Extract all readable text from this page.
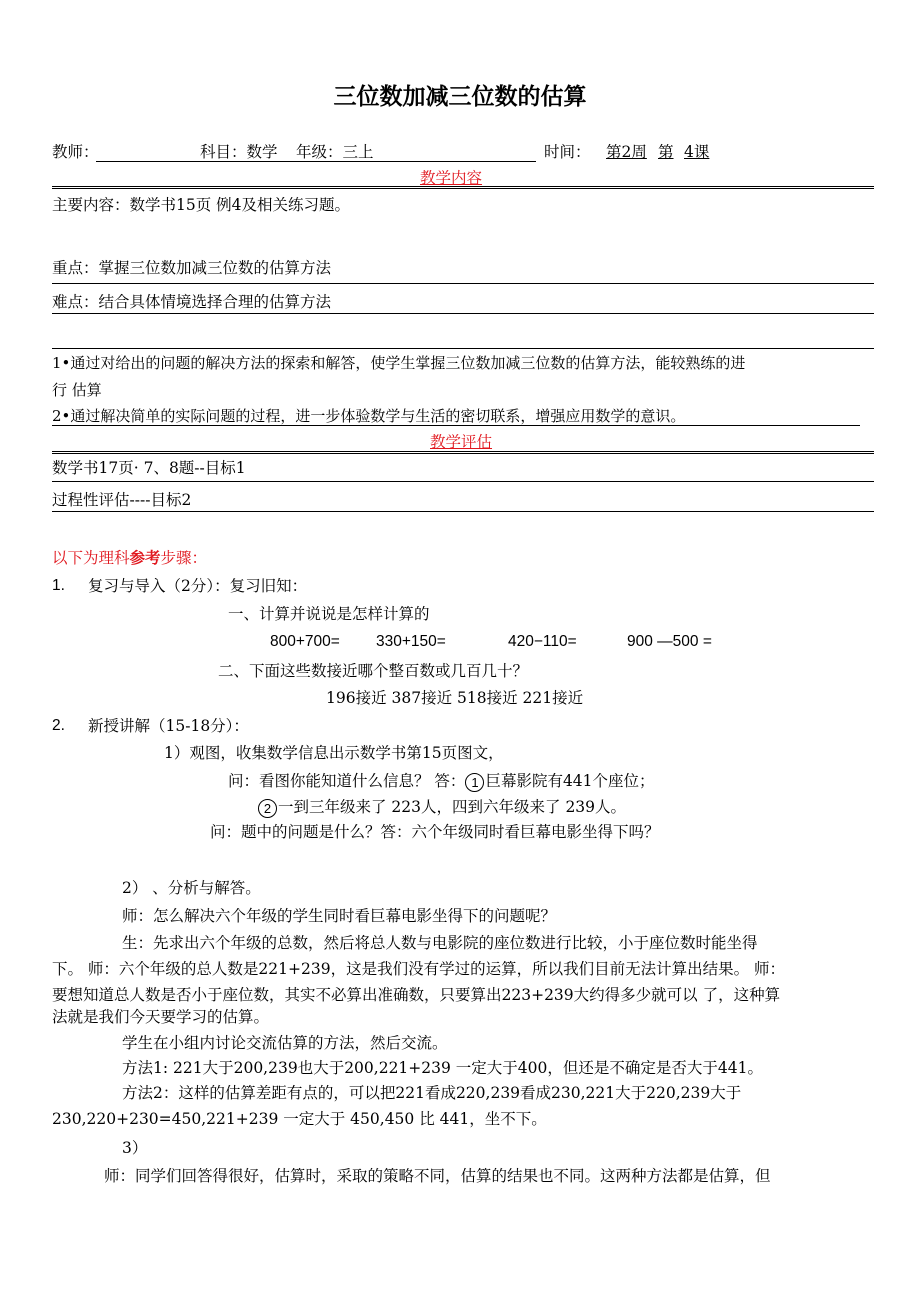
三位数加减三位数的估算
教师：	科目：数学 年级：三上	时间： 第2周 第 4课
教学内容
主要内容：数学书15页 例4及相关练习题。
重点：掌握三位数加减三位数的估算方法
难点：结合具体情境选择合理的估算方法
1•通过对给出的问题的解决方法的探索和解答，使学生掌握三位数加减三位数的估算方法，能较熟练的进
行 估算
2•通过解决简单的实际问题的过程，进一步体验数学与生活的密切联系，增强应用数学的意识。
教学评估
数学书17页· 7、8题--目标1
过程性评估----目标2
以下为理科参考步骤：
1. 复习与导入（2分）：复习旧知：
一、计算并说说是怎样计算的
800+700= 330+150=	420−110=	900 —500 =
二、下面这些数接近哪个整百数或几百几十？
196接近 387接近 518接近 221接近
2. 新授讲解（15-18分）：
1）观图，收集数学信息出示数学书第15页图文，
问：看图你能知道什么信息？ 答： 1 巨幕影院有441个座位；
2 一到三年级来了 223人，四到六年级来了 239人。
问：题中的问题是什么？答：六个年级同时看巨幕电影坐得下吗？
2） 、分析与解答。
师：怎么解决六个年级的学生同时看巨幕电影坐得下的问题呢？
生：先求出六个年级的总数，然后将总人数与电影院的座位数进行比较，小于座位数时能坐得
下。 师：六个年级的总人数是221+239，这是我们没有学过的运算，所以我们目前无法计算出结果。 师：
要想知道总人数是否小于座位数，其实不必算出准确数，只要算出223+239大约得多少就可以 了，这种算
法就是我们今天要学习的估算。
学生在小组内讨论交流估算的方法，然后交流。
方法1: 221大于200,239也大于200,221+239 一定大于400，但还是不确定是否大于441。
方法2：这样的估算差距有点的，可以把221看成220,239看成230,221大于220,239大于
230,220+230=450,221+239 一定大于 450,450 比 441，坐不下。
3）
师：同学们回答得很好，估算时，采取的策略不同，估算的结果也不同。这两种方法都是估算，但
